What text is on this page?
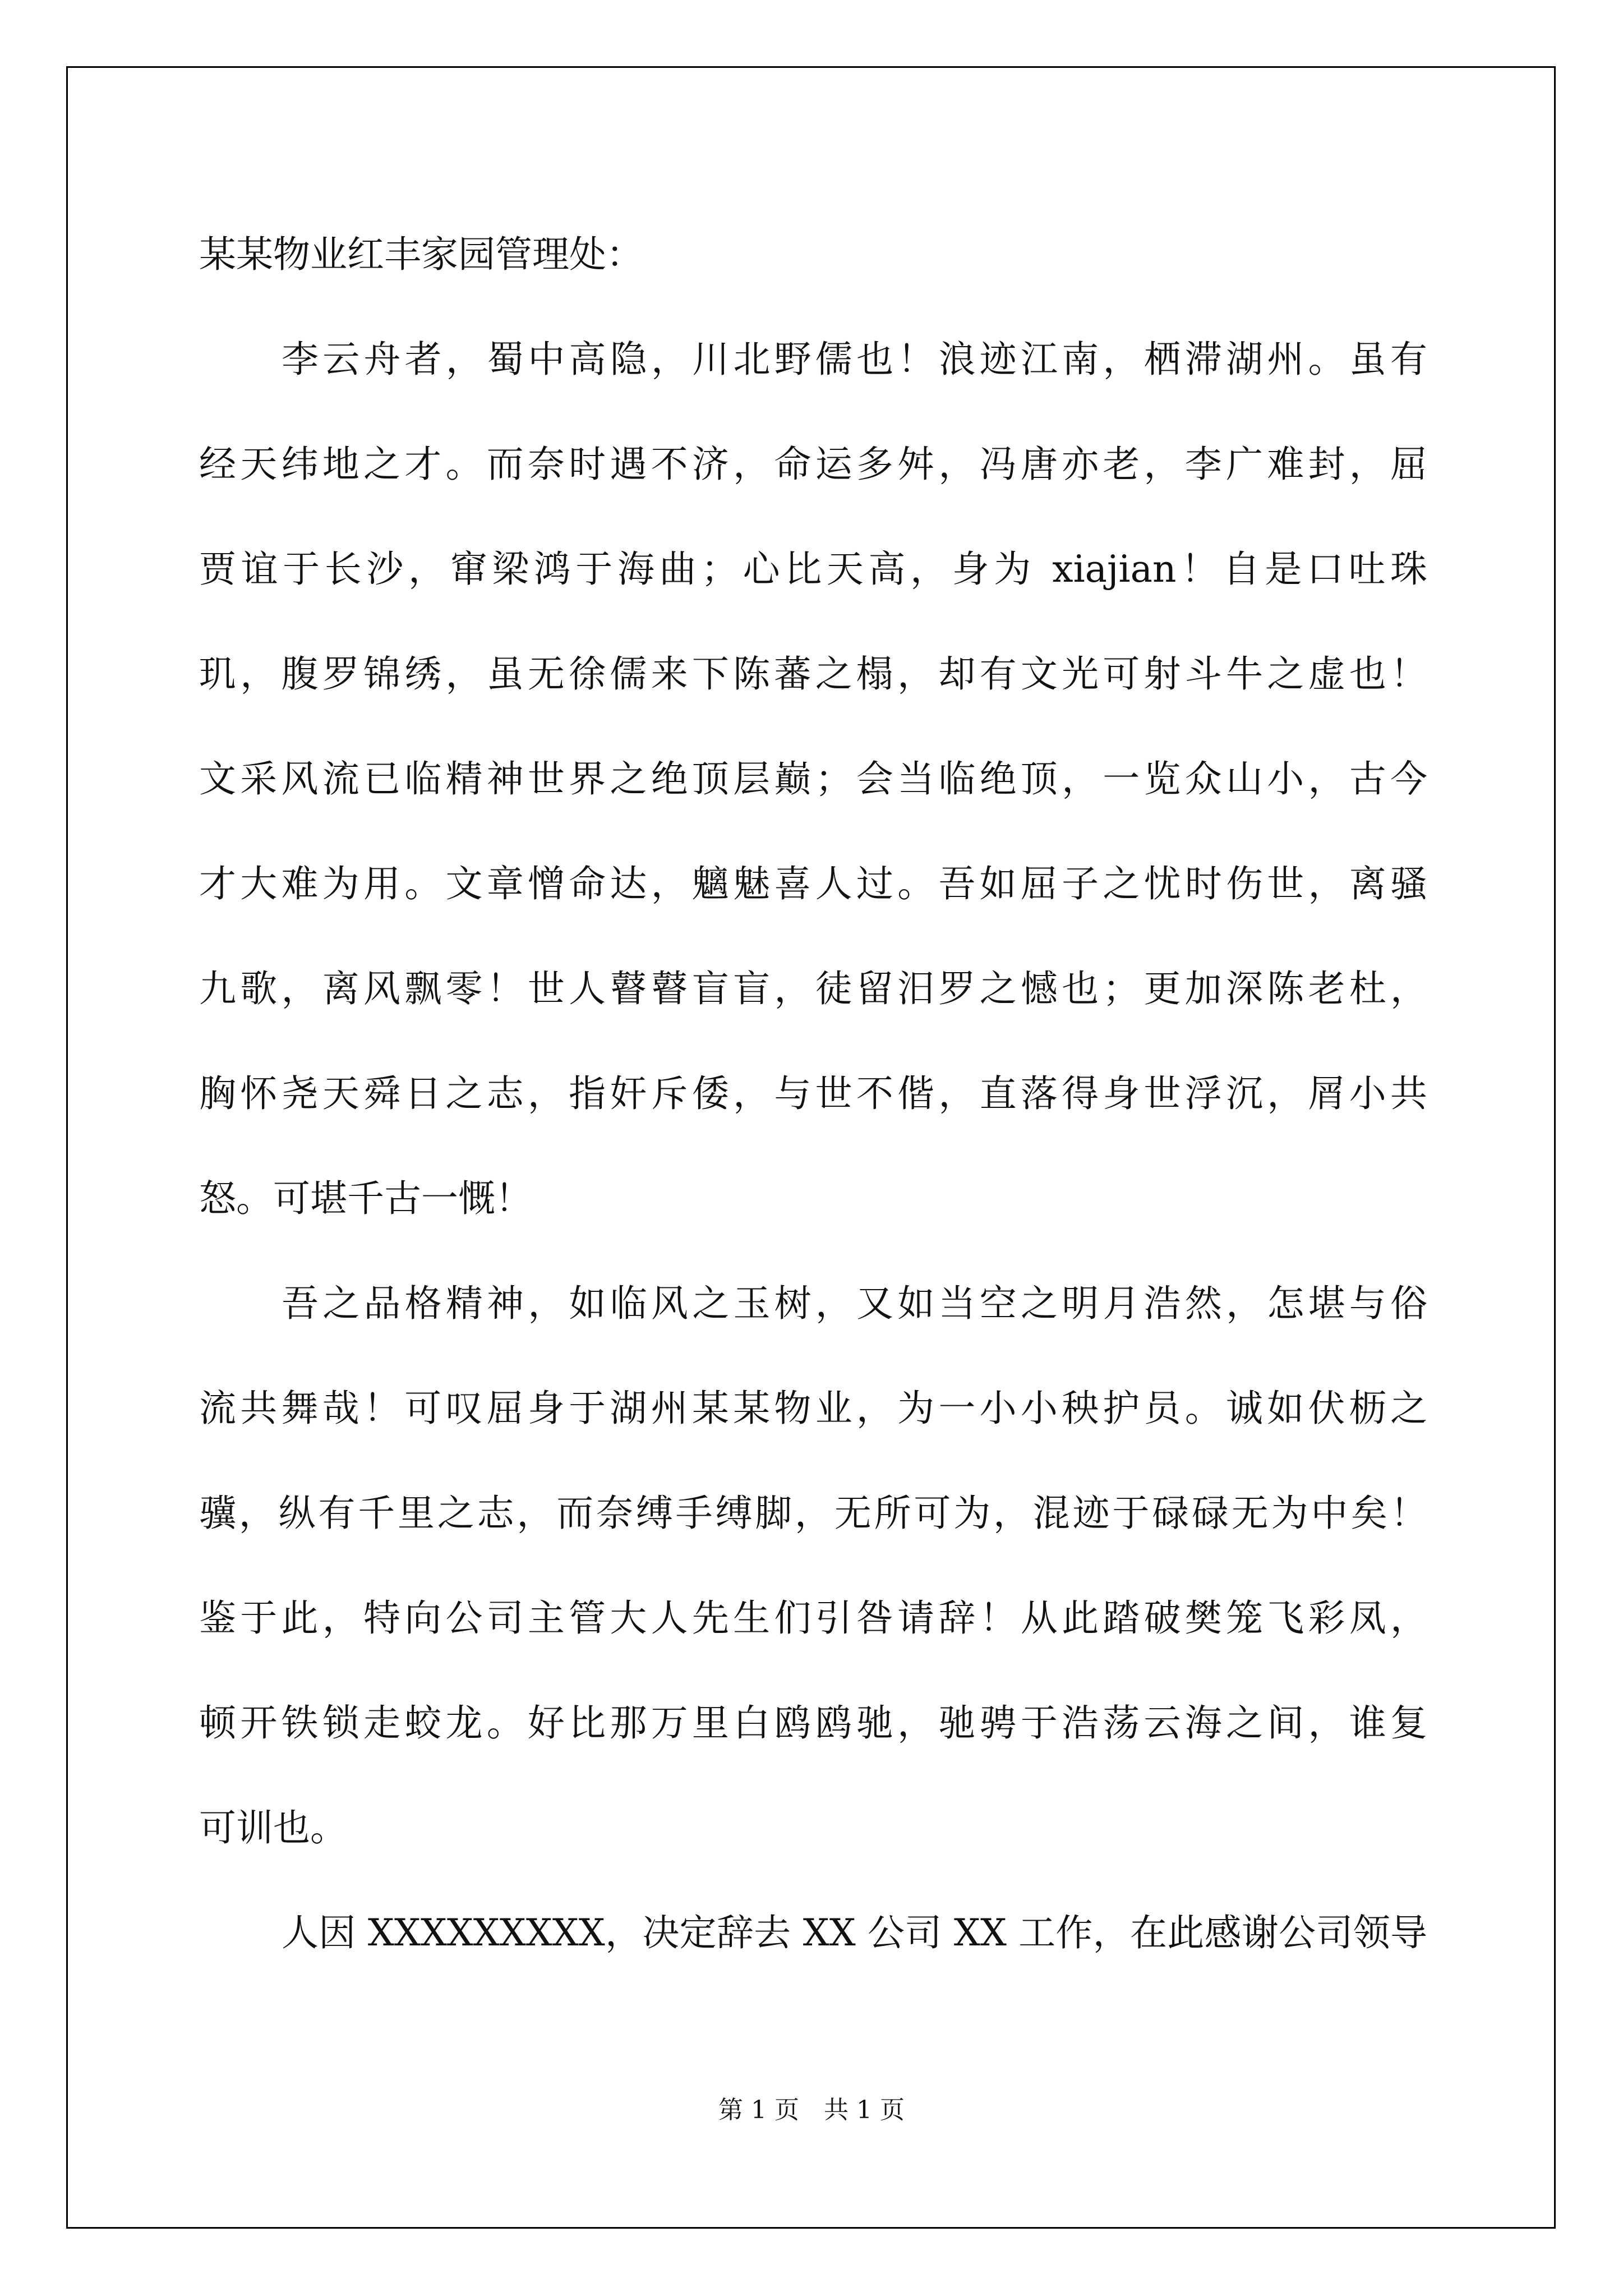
某某物业红丰家园管理处：
李云舟者，蜀中高隐，川北野儒也！浪迹江南，栖滞湖州。虽有
经天纬地之才。而奈时遇不济，命运多舛，冯唐亦老，李广难封，屈
贾谊于长沙，窜梁鸿于海曲；心比天高，身为 xiajian！自是口吐珠
玑，腹罗锦绣，虽无徐儒来下陈蕃之榻，却有文光可射斗牛之虚也！
文采风流已临精神世界之绝顶层巅；会当临绝顶，一览众山小，古今
才大难为用。文章憎命达，魑魅喜人过。吾如屈子之忧时伤世，离骚
九歌，离风飘零！世人瞽瞽盲盲，徒留汨罗之憾也；更加深陈老杜，
胸怀尧天舜日之志，指奸斥倭，与世不偕，直落得身世浮沉，屑小共
怒。可堪千古一慨！
吾之品格精神，如临风之玉树，又如当空之明月浩然，怎堪与俗
流共舞哉！可叹屈身于湖州某某物业，为一小小秧护员。诚如伏枥之
骥，纵有千里之志，而奈缚手缚脚，无所可为，混迹于碌碌无为中矣！
鉴于此，特向公司主管大人先生们引咎请辞！从此踏破樊笼飞彩凤，
顿开铁锁走蛟龙。好比那万里白鸥鸥驰，驰骋于浩荡云海之间，谁复
可训也。
人因 XXXXXXXXX，决定辞去 XX 公司 XX 工作，在此感谢公司领导
第 1 页　共 1 页
